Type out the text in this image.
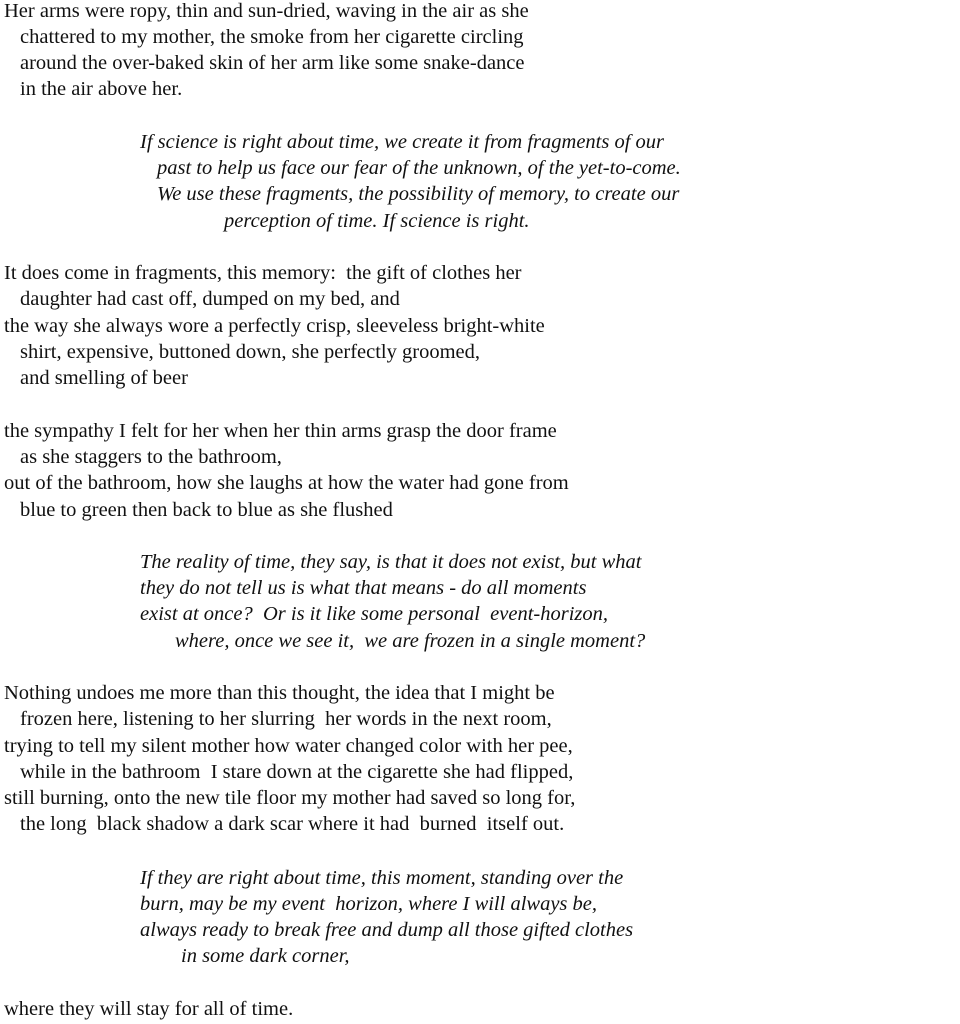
Her arms were ropy, thin and sun-dried, waving in the air as she

chattered to my mother, the smoke from her cigarette circling

around the over-baked skin of her arm like some snake-dance

in the air above her.

If science is right about time, we create it from fragments of our

past to help us face our fear of the unknown, of the yet-to-come.

We use these fragments, the possibility of memory, to create our

perception of time. If science is right.

It does come in fragments, this memory:  the gift of clothes her

daughter had cast off, dumped on my bed, and

the way she always wore a perfectly crisp, sleeveless bright-white

shirt, expensive, buttoned down, she perfectly groomed,

and smelling of beer

the sympathy I felt for her when her thin arms grasp the door frame

as she staggers to the bathroom,

out of the bathroom, how she laughs at how the water had gone from

blue to green then back to blue as she flushed

The reality of time, they say, is that it does not exist, but what

they do not tell us is what that means - do all moments

exist at once?  Or is it like some personal  event-horizon,

where, once we see it,  we are frozen in a single moment?

Nothing undoes me more than this thought, the idea that I might be

frozen here, listening to her slurring  her words in the next room,

trying to tell my silent mother how water changed color with her pee,

while in the bathroom  I stare down at the cigarette she had flipped,

still burning, onto the new tile floor my mother had saved so long for,

the long  black shadow a dark scar where it had  burned  itself out.

If they are right about time, this moment, standing over the

burn, may be my event  horizon, where I will always be,

always ready to break free and dump all those gifted clothes

in some dark corner,

where they will stay for all of time.
